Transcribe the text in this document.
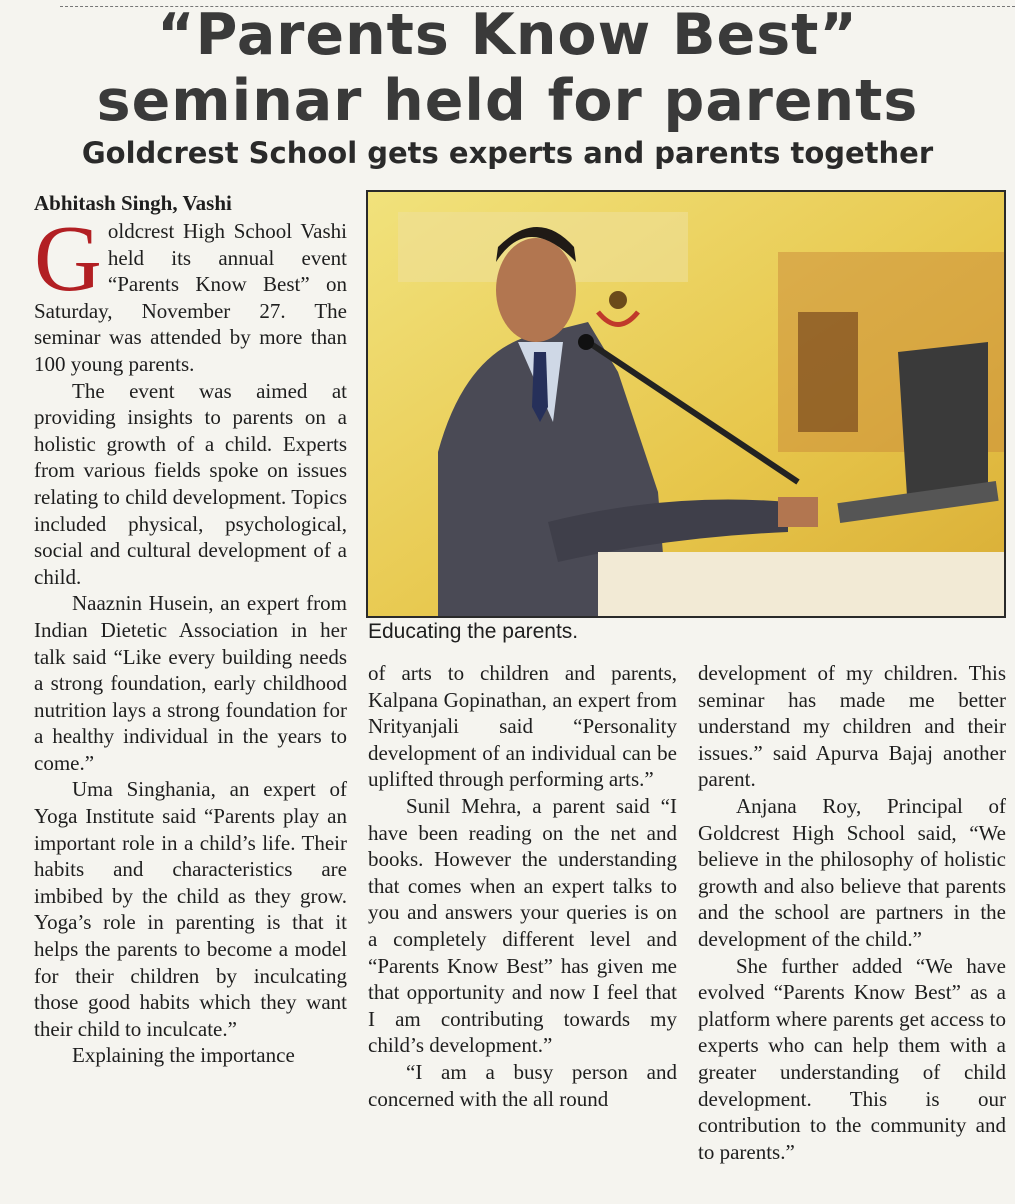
“Parents Know Best”
seminar held for parents
Goldcrest School gets experts and parents together
Abhitash Singh, Vashi

Goldcrest High School Vashi held its annual event “Parents Know Best” on Saturday, November 27. The seminar was attended by more than 100 young parents.

The event was aimed at providing insights to parents on a holistic growth of a child. Experts from various fields spoke on issues relating to child development. Topics included physical, psychological, social and cultural development of a child.

Naaznin Husein, an expert from Indian Dietetic Association in her talk said “Like every building needs a strong foundation, early childhood nutrition lays a strong foundation for a healthy individual in the years to come.”

Uma Singhania, an expert of Yoga Institute said “Parents play an important role in a child’s life. Their habits and characteristics are imbibed by the child as they grow. Yoga’s role in parenting is that it helps the parents to become a model for their children by inculcating those good habits which they want their child to inculcate.”

Explaining the importance

Educating the parents.

of arts to children and parents, Kalpana Gopinathan, an expert from Nrityanjali said “Personality development of an individual can be uplifted through performing arts.”

Sunil Mehra, a parent said “I have been reading on the net and books. However the understanding that comes when an expert talks to you and answers your queries is on a completely different level and “Parents Know Best” has given me that opportunity and now I feel that I am contributing towards my child’s development.”

“I am a busy person and concerned with the all round

development of my children. This seminar has made me better understand my children and their issues.” said Apurva Bajaj another parent.

Anjana Roy, Principal of Goldcrest High School said, “We believe in the philosophy of holistic growth and also believe that parents and the school are partners in the development of the child.”

She further added “We have evolved “Parents Know Best” as a platform where parents get access to experts who can help them with a greater understanding of child development. This is our contribution to the community and to parents.”
